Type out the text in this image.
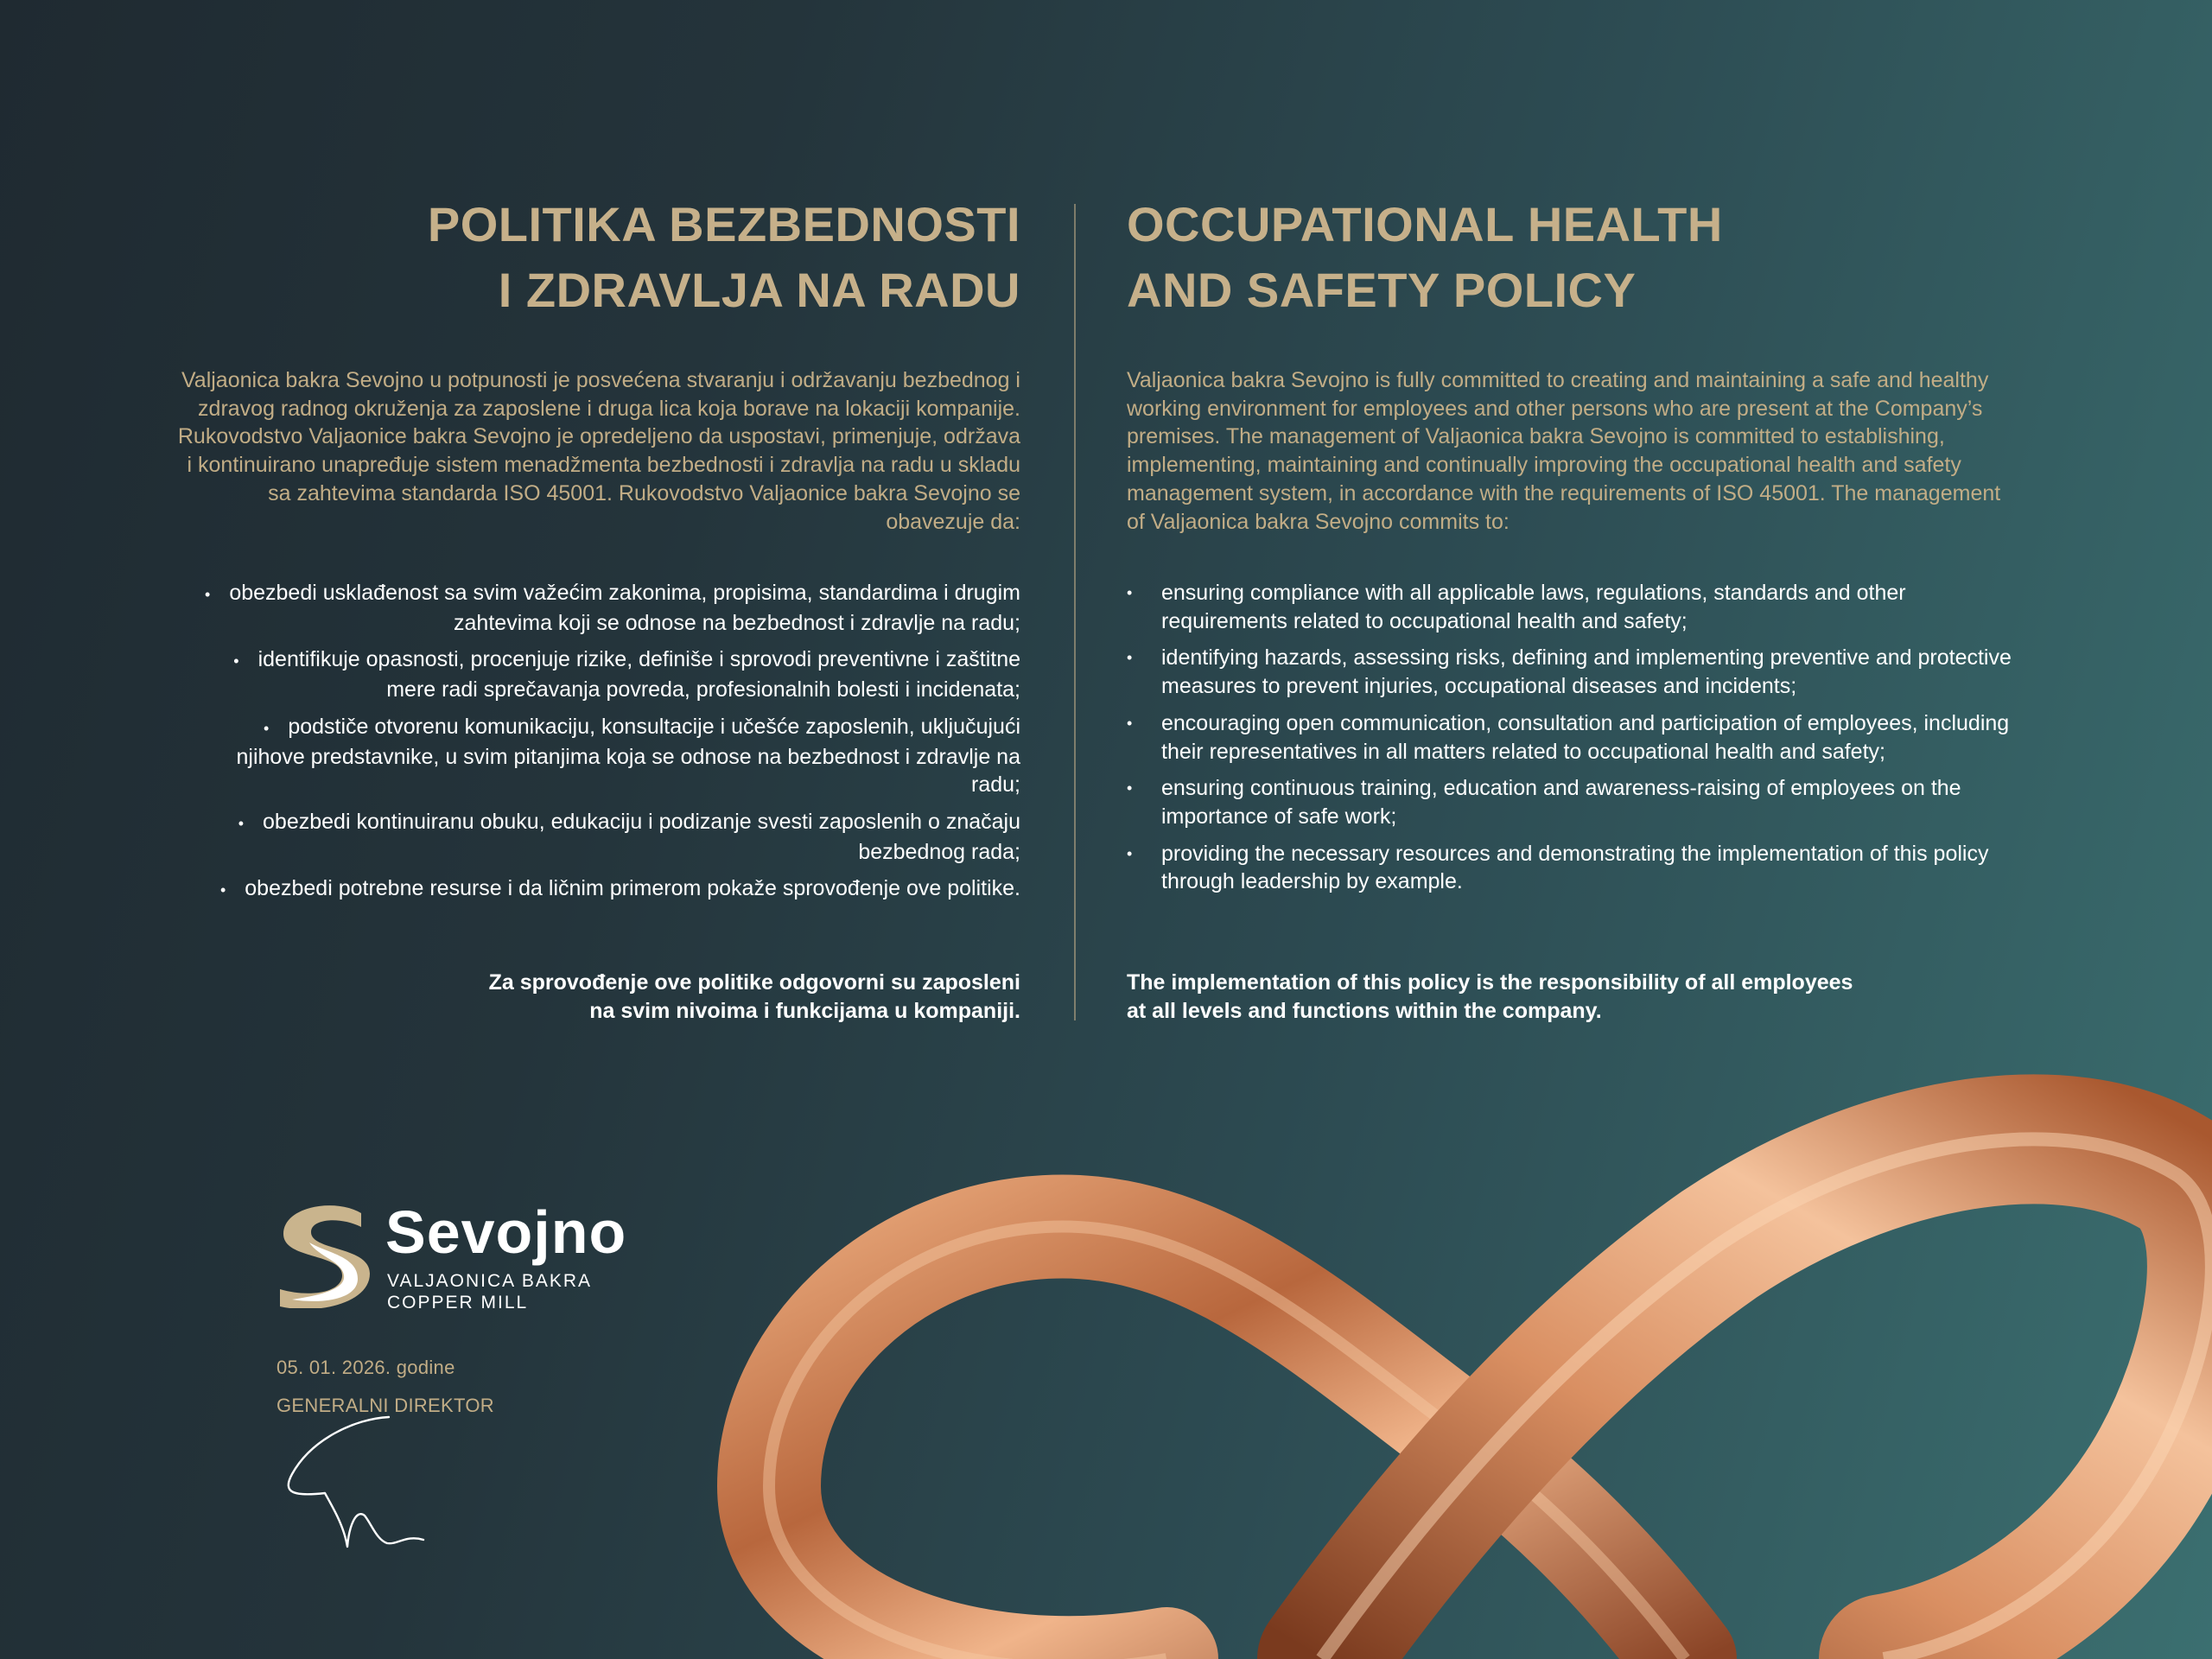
POLITIKA BEZBEDNOSTI
I ZDRAVLJA NA RADU

Valjaonica bakra Sevojno u potpunosti je posvećena stvaranju i održavanju bezbednog i zdravog radnog okruženja za zaposlene i druga lica koja borave na lokaciji kompanije. Rukovodstvo Valjaonice bakra Sevojno je opredeljeno da uspostavi, primenjuje, održava i kontinuirano unapređuje sistem menadžmenta bezbednosti i zdravlja na radu u skladu sa zahtevima standarda ISO 45001. Rukovodstvo Valjaonice bakra Sevojno se obavezuje da:

• obezbedi usklađenost sa svim važećim zakonima, propisima, standardima i drugim zahtevima koji se odnose na bezbednost i zdravlje na radu;
• identifikuje opasnosti, procenjuje rizike, definiše i sprovodi preventivne i zaštitne mere radi sprečavanja povreda, profesionalnih bolesti i incidenata;
• podstiče otvorenu komunikaciju, konsultacije i učešće zaposlenih, uključujući njihove predstavnike, u svim pitanjima koja se odnose na bezbednost i zdravlje na radu;
• obezbedi kontinuiranu obuku, edukaciju i podizanje svesti zaposlenih o značaju bezbednog rada;
• obezbedi potrebne resurse i da ličnim primerom pokaže sprovođenje ove politike.

Za sprovođenje ove politike odgovorni su zaposleni
na svim nivoima i funkcijama u kompaniji.

OCCUPATIONAL HEALTH
AND SAFETY POLICY

Valjaonica bakra Sevojno is fully committed to creating and maintaining a safe and healthy working environment for employees and other persons who are present at the Company’s premises. The management of Valjaonica bakra Sevojno is committed to establishing, implementing, maintaining and continually improving the occupational health and safety management system, in accordance with the requirements of ISO 45001. The management of Valjaonica bakra Sevojno commits to:

• ensuring compliance with all applicable laws, regulations, standards and other requirements related to occupational health and safety;
• identifying hazards, assessing risks, defining and implementing preventive and protective measures to prevent injuries, occupational diseases and incidents;
• encouraging open communication, consultation and participation of employees, including their representatives in all matters related to occupational health and safety;
• ensuring continuous training, education and awareness-raising of employees on the importance of safe work;
• providing the necessary resources and demonstrating the implementation of this policy through leadership by example.

The implementation of this policy is the responsibility of all employees
at all levels and functions within the company.

Sevojno
VALJAONICA BAKRA
COPPER MILL
05. 01. 2026. godine
GENERALNI DIREKTOR
